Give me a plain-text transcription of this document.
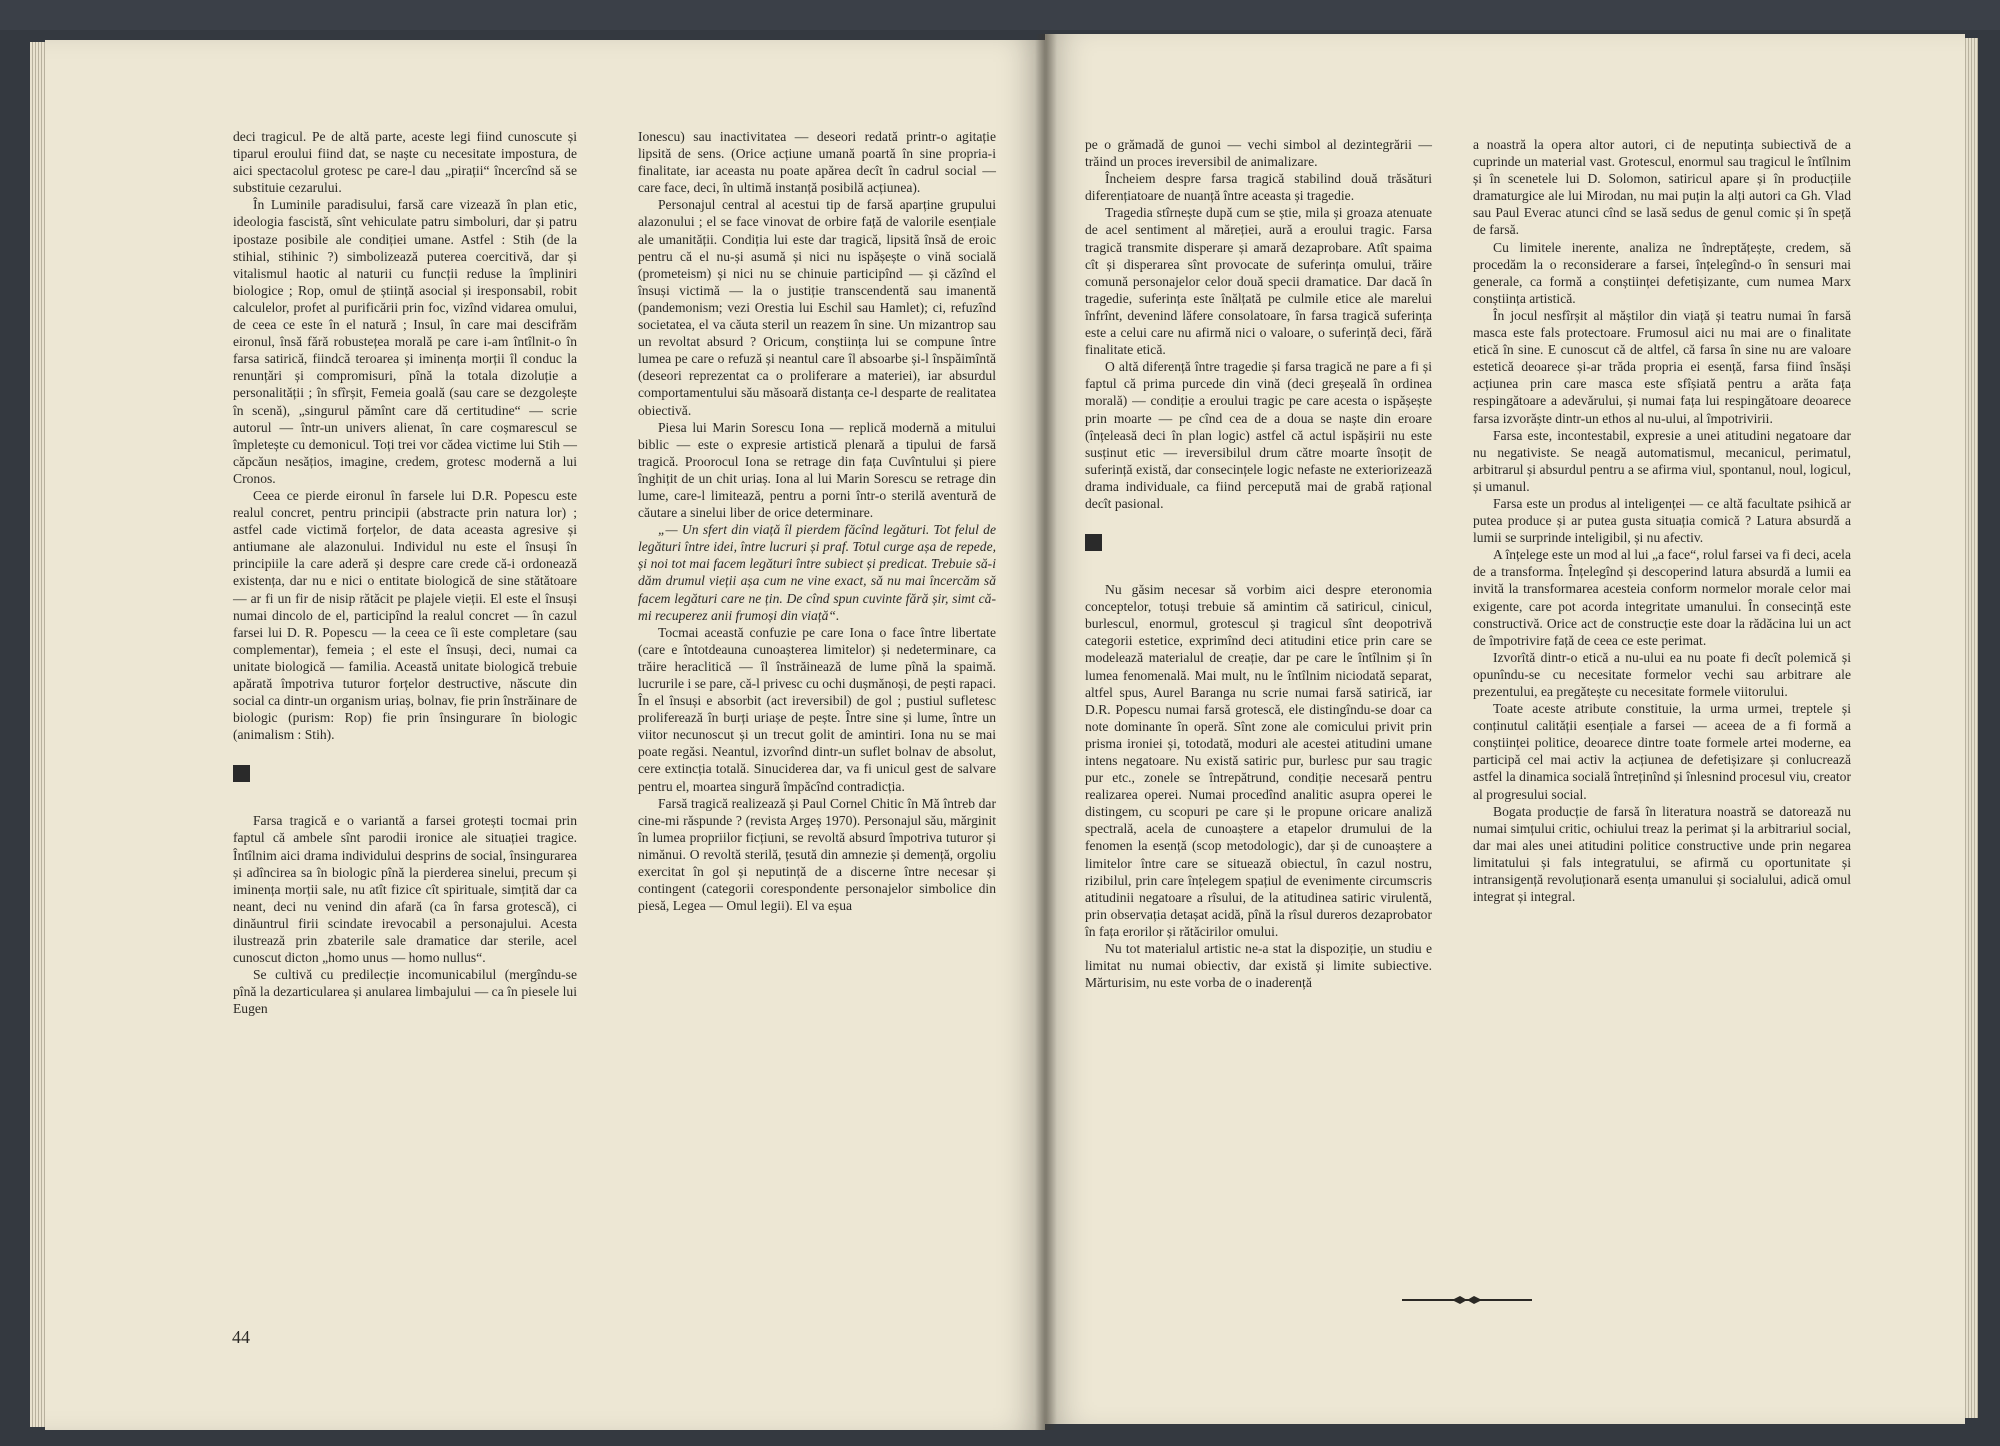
deci tragicul. Pe de altă parte, aceste legi fiind cunoscute și tiparul eroului fiind dat, se naște cu necesitate impostura, de aici spectacolul grotesc pe care-l dau „pirații“ încercînd să se substituie cezarului.

În Luminile paradisului, farsă care vizează în plan etic, ideologia fascistă, sînt vehiculate patru simboluri, dar și patru ipostaze posibile ale condiției umane. Astfel : Stih (de la stihial, stihinic ?) simbolizează puterea coercitivă, dar și vitalismul haotic al naturii cu funcții reduse la împliniri biologice ; Rop, omul de știință asocial și iresponsabil, robit calculelor, profet al purificării prin foc, vizînd vidarea omului, de ceea ce este în el natură ; Insul, în care mai descifrăm eironul, însă fără robustețea morală pe care i-am întîlnit-o în farsa satirică, fiindcă teroarea și iminența morții îl conduc la renunțări și compromisuri, pînă la totala dizoluție a personalității ; în sfîrșit, Femeia goală (sau care se dezgolește în scenă), „singurul pămînt care dă certitudine“ — scrie autorul — într-un univers alienat, în care coșmarescul se împletește cu demonicul. Toți trei vor cădea victime lui Stih — căpcăun nesățios, imagine, credem, grotesc modernă a lui Cronos.

Ceea ce pierde eironul în farsele lui D.R. Popescu este realul concret, pentru principii (abstracte prin natura lor) ; astfel cade victimă forțelor, de data aceasta agresive și antiumane ale alazonului. Individul nu este el însuși în principiile la care aderă și despre care crede că-i ordonează existența, dar nu e nici o entitate biologică de sine stătătoare — ar fi un fir de nisip rătăcit pe plajele vieții. El este el însuși numai dincolo de el, participînd la realul concret — în cazul farsei lui D. R. Popescu — la ceea ce îi este completare (sau complementar), femeia ; el este el însuși, deci, numai ca unitate biologică — familia. Această unitate biologică trebuie apărată împotriva tuturor forțelor destructive, născute din social ca dintr-un organism uriaș, bolnav, fie prin înstrăinare de biologic (purism: Rop) fie prin însingurare în biologic (animalism : Stih).

Farsa tragică e o variantă a farsei grotești tocmai prin faptul că ambele sînt parodii ironice ale situației tragice. Întîlnim aici drama individului desprins de social, însingurarea și adîncirea sa în biologic pînă la pierderea sinelui, precum și iminența morții sale, nu atît fizice cît spirituale, simțită dar ca neant, deci nu venind din afară (ca în farsa grotescă), ci dinăuntrul firii scindate irevocabil a personajului. Acesta ilustrează prin zbaterile sale dramatice dar sterile, acel cunoscut dicton „homo unus — homo nullus“.

Se cultivă cu predilecție incomunicabilul (mergîndu-se pînă la dezarticularea și anularea limbajului — ca în piesele lui Eugen

Ionescu) sau inactivitatea — deseori redată printr-o agitație lipsită de sens. (Orice acțiune umană poartă în sine propria-i finalitate, iar aceasta nu poate apărea decît în cadrul social — care face, deci, în ultimă instanță posibilă acțiunea).

Personajul central al acestui tip de farsă aparține grupului alazonului ; el se face vinovat de orbire față de valorile esențiale ale umanității. Condiția lui este dar tragică, lipsită însă de eroic pentru că el nu-și asumă și nici nu ispășește o vină socială (prometeism) și nici nu se chinuie participînd — și căzînd el însuși victimă — la o justiție transcendentă sau imanentă (pandemonism; vezi Orestia lui Eschil sau Hamlet); ci, refuzînd societatea, el va căuta steril un reazem în sine. Un mizantrop sau un revoltat absurd ? Oricum, conștiința lui se compune între lumea pe care o refuză și neantul care îl absoarbe și-l înspăimîntă (deseori reprezentat ca o proliferare a materiei), iar absurdul comportamentului său măsoară distanța ce-l desparte de realitatea obiectivă.

Piesa lui Marin Sorescu Iona — replică modernă a mitului biblic — este o expresie artistică plenară a tipului de farsă tragică. Proorocul Iona se retrage din fața Cuvîntului și piere înghițit de un chit uriaș. Iona al lui Marin Sorescu se retrage din lume, care-l limitează, pentru a porni într-o sterilă aventură de căutare a sinelui liber de orice determinare.

„— Un sfert din viață îl pierdem făcînd legături. Tot felul de legături între idei, între lucruri și praf. Totul curge așa de repede, și noi tot mai facem legături între subiect și predicat. Trebuie să-i dăm drumul vieții așa cum ne vine exact, să nu mai încercăm să facem legături care ne țin. De cînd spun cuvinte fără șir, simt că-mi recuperez anii frumoși din viață“.

Tocmai această confuzie pe care Iona o face între libertate (care e întotdeauna cunoașterea limitelor) și nedeterminare, ca trăire heraclitică — îl înstrăinează de lume pînă la spaimă. lucrurile i se pare, că-l privesc cu ochi dușmănoși, de pești rapaci. În el însuși e absorbit (act ireversibil) de gol ; pustiul sufletesc proliferează în burți uriașe de pește. Între sine și lume, între un viitor necunoscut și un trecut golit de amintiri. Iona nu se mai poate regăsi. Neantul, izvorînd dintr-un suflet bolnav de absolut, cere extincția totală. Sinuciderea dar, va fi unicul gest de salvare pentru el, moartea singură împăcînd contradicția.

Farsă tragică realizează și Paul Cornel Chitic în Mă întreb dar cine-mi răspunde ? (revista Argeș 1970). Personajul său, mărginit în lumea propriilor ficțiuni, se revoltă absurd împotriva tuturor și nimănui. O revoltă sterilă, țesută din amnezie și demență, orgoliu exercitat în gol și neputință de a discerne între necesar și contingent (categorii corespondente personajelor simbolice din piesă, Legea — Omul legii). El va eșua

pe o grămadă de gunoi — vechi simbol al dezintegrării — trăind un proces ireversibil de animalizare.

Încheiem despre farsa tragică stabilind două trăsături diferențiatoare de nuanță între aceasta și tragedie.

Tragedia stîrnește după cum se știe, mila și groaza atenuate de acel sentiment al măreției, aură a eroului tragic. Farsa tragică transmite disperare și amară dezaprobare. Atît spaima cît și disperarea sînt provocate de suferința omului, trăire comună personajelor celor două specii dramatice. Dar dacă în tragedie, suferința este înălțată pe culmile etice ale marelui înfrînt, devenind lăfere consolatoare, în farsa tragică suferința este a celui care nu afirmă nici o valoare, o suferință deci, fără finalitate etică.

O altă diferență între tragedie și farsa tragică ne pare a fi și faptul că prima purcede din vină (deci greșeală în ordinea morală) — condiție a eroului tragic pe care acesta o ispășește prin moarte — pe cînd cea de a doua se naște din eroare (înțeleasă deci în plan logic) astfel că actul ispășirii nu este susținut etic — ireversibilul drum către moarte însoțit de suferință există, dar consecințele logic nefaste ne exteriorizează drama individuale, ca fiind percepută mai de grabă rațional decît pasional.

Nu găsim necesar să vorbim aici despre eteronomia conceptelor, totuși trebuie să amintim că satiricul, cinicul, burlescul, enormul, grotescul și tragicul sînt deopotrivă categorii estetice, exprimînd deci atitudini etice prin care se modelează materialul de creație, dar pe care le întîlnim și în lumea fenomenală. Mai mult, nu le întîlnim niciodată separat, altfel spus, Aurel Baranga nu scrie numai farsă satirică, iar D.R. Popescu numai farsă grotescă, ele distingîndu-se doar ca note dominante în operă. Sînt zone ale comicului privit prin prisma ironiei și, totodată, moduri ale acestei atitudini umane intens negatoare. Nu există satiric pur, burlesc pur sau tragic pur etc., zonele se întrepătrund, condiție necesară pentru realizarea operei. Numai procedînd analitic asupra operei le distingem, cu scopuri pe care și le propune oricare analiză spectrală, acela de cunoaștere a etapelor drumului de la fenomen la esență (scop metodologic), dar și de cunoaștere a limitelor între care se situează obiectul, în cazul nostru, rizibilul, prin care înțelegem spațiul de evenimente circumscris atitudinii negatoare a rîsului, de la atitudinea satiric virulentă, prin observația detașat acidă, pînă la rîsul dureros dezaprobator în fața erorilor și rătăcirilor omului.

Nu tot materialul artistic ne-a stat la dispoziție, un studiu e limitat nu numai obiectiv, dar există și limite subiective. Mărturisim, nu este vorba de o inaderență

a noastră la opera altor autori, ci de neputința subiectivă de a cuprinde un material vast. Grotescul, enormul sau tragicul le întîlnim și în scenetele lui D. Solomon, satiricul apare și în producțiile dramaturgice ale lui Mirodan, nu mai puțin la alți autori ca Gh. Vlad sau Paul Everac atunci cînd se lasă sedus de genul comic și în speță de farsă.

Cu limitele inerente, analiza ne îndreptățește, credem, să procedăm la o reconsiderare a farsei, înțelegînd-o în sensuri mai generale, ca formă a conștiinței defetișizante, cum numea Marx conștiința artistică.

În jocul nesfîrșit al măștilor din viață și teatru numai în farsă masca este fals protectoare. Frumosul aici nu mai are o finalitate etică în sine. E cunoscut că de altfel, că farsa în sine nu are valoare estetică deoarece și-ar trăda propria ei esență, farsa fiind însăși acțiunea prin care masca este sfîșiată pentru a arăta fața respingătoare a adevărului, și numai fața lui respingătoare deoarece farsa izvorăște dintr-un ethos al nu-ului, al împotrivirii.

Farsa este, incontestabil, expresie a unei atitudini negatoare dar nu negativiste. Se neagă automatismul, mecanicul, perimatul, arbitrarul și absurdul pentru a se afirma viul, spontanul, noul, logicul, și umanul.

Farsa este un produs al inteligenței — ce altă facultate psihică ar putea produce și ar putea gusta situația comică ? Latura absurdă a lumii se surprinde inteligibil, și nu afectiv.

A înțelege este un mod al lui „a face“, rolul farsei va fi deci, acela de a transforma. Înțelegînd și descoperind latura absurdă a lumii ea invită la transformarea acesteia conform normelor morale celor mai exigente, care pot acorda integritate umanului. În consecință este constructivă. Orice act de construcție este doar la rădăcina lui un act de împotrivire față de ceea ce este perimat.

Izvorîtă dintr-o etică a nu-ului ea nu poate fi decît polemică și opunîndu-se cu necesitate formelor vechi sau arbitrare ale prezentului, ea pregătește cu necesitate formele viitorului.

Toate aceste atribute constituie, la urma urmei, treptele și conținutul calității esențiale a farsei — aceea de a fi formă a conștiinței politice, deoarece dintre toate formele artei moderne, ea participă cel mai activ la acțiunea de defetișizare și conlucrează astfel la dinamica socială întreținînd și înlesnind procesul viu, creator al progresului social.

Bogata producție de farsă în literatura noastră se datorează nu numai simțului critic, ochiului treaz la perimat și la arbitrariul social, dar mai ales unei atitudini politice constructive unde prin negarea limitatului și fals integratului, se afirmă cu oportunitate și intransigență revoluționară esența umanului și socialului, adică omul integrat și integral.

44
